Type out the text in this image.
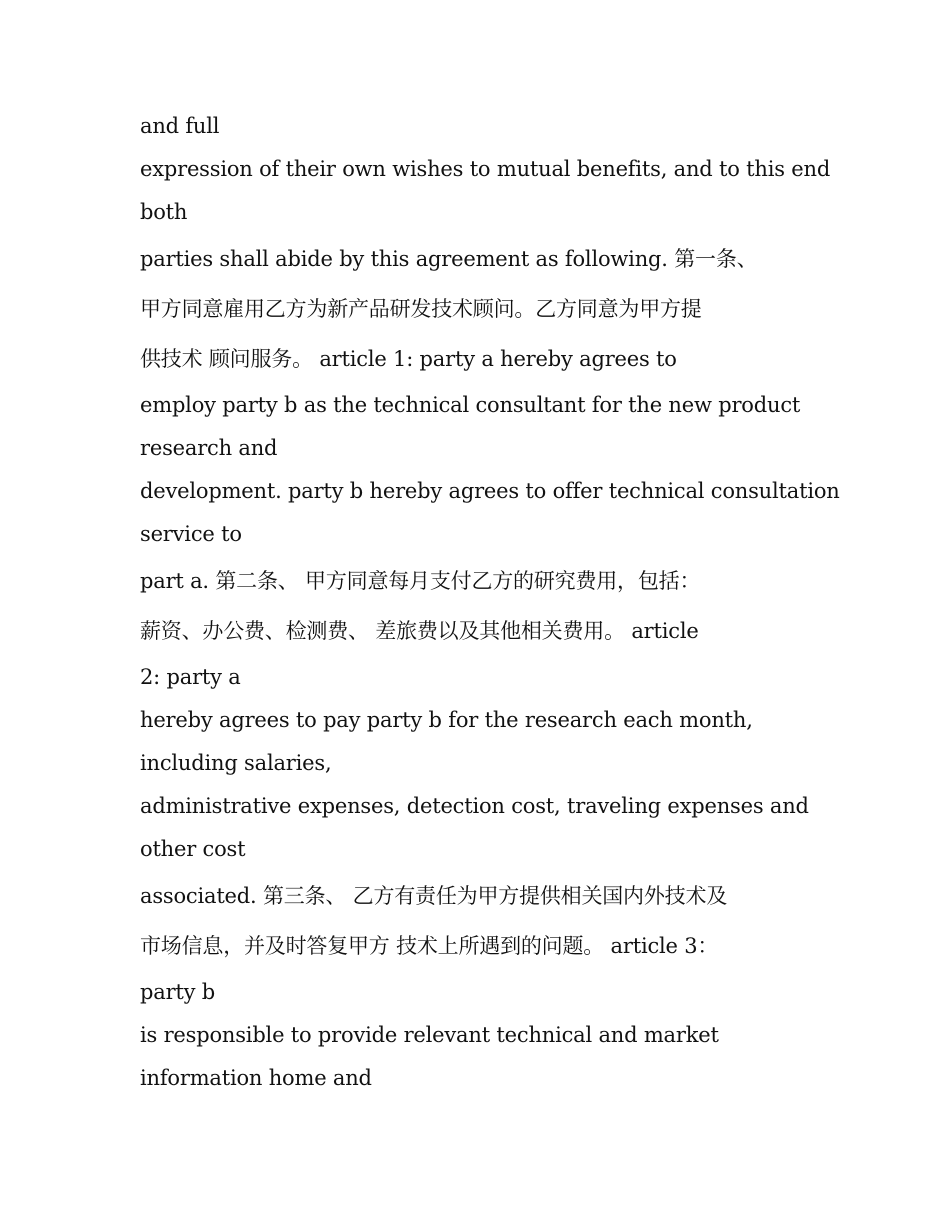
and full

expression of their own wishes to mutual benefits, and to this end

both

parties shall abide by this agreement as following. 第一条、

甲方同意雇用乙方为新产品研发技术顾问。乙方同意为甲方提

供技术 顾问服务。 article 1: party a hereby agrees to

employ party b as the technical consultant for the new product

research and

development. party b hereby agrees to offer technical consultation

service to

part a. 第二条、 甲方同意每月支付乙方的研究费用，包括：

薪资、办公费、检测费、 差旅费以及其他相关费用。 article

2: party a

hereby agrees to pay party b for the research each month,

including salaries,

administrative expenses, detection cost, traveling expenses and

other cost

associated. 第三条、 乙方有责任为甲方提供相关国内外技术及

市场信息，并及时答复甲方 技术上所遇到的问题。 article 3：

party b

is responsible to provide relevant technical and market

information home and
